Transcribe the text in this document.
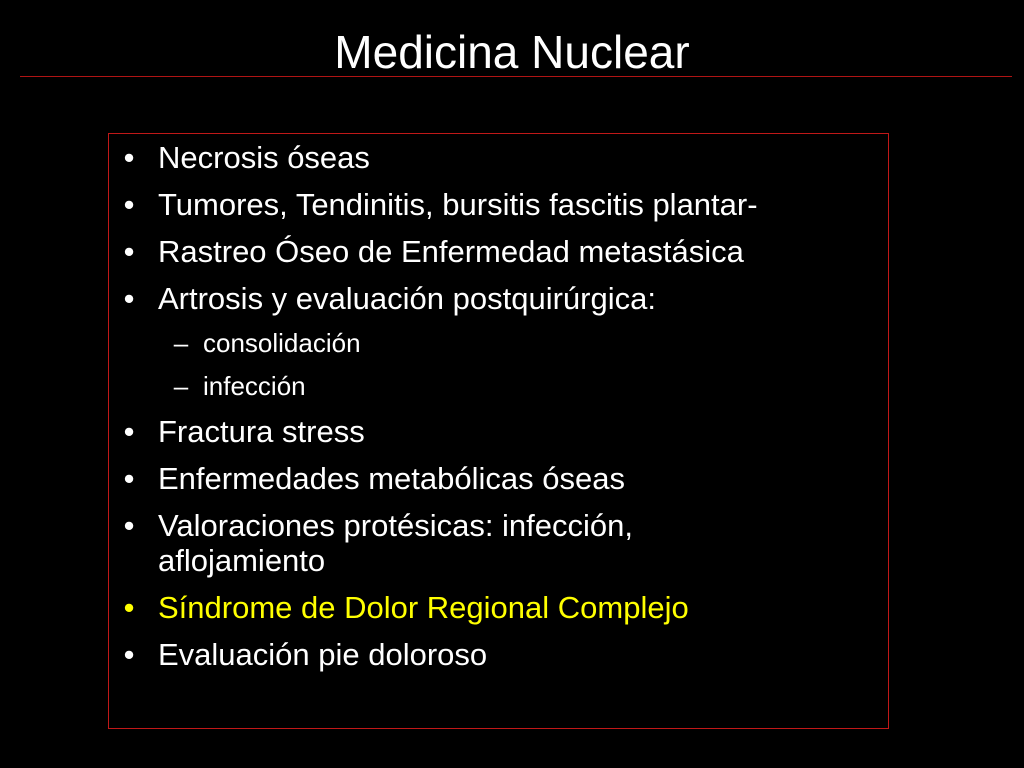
Medicina Nuclear
• Necrosis óseas
• Tumores, Tendinitis, bursitis fascitis plantar-
• Rastreo Óseo de Enfermedad metastásica
• Artrosis y evaluación postquirúrgica:
– consolidación
– infección
• Fractura stress
• Enfermedades metabólicas óseas
• Valoraciones protésicas: infección, aflojamiento
• Síndrome de Dolor Regional Complejo
• Evaluación pie doloroso
